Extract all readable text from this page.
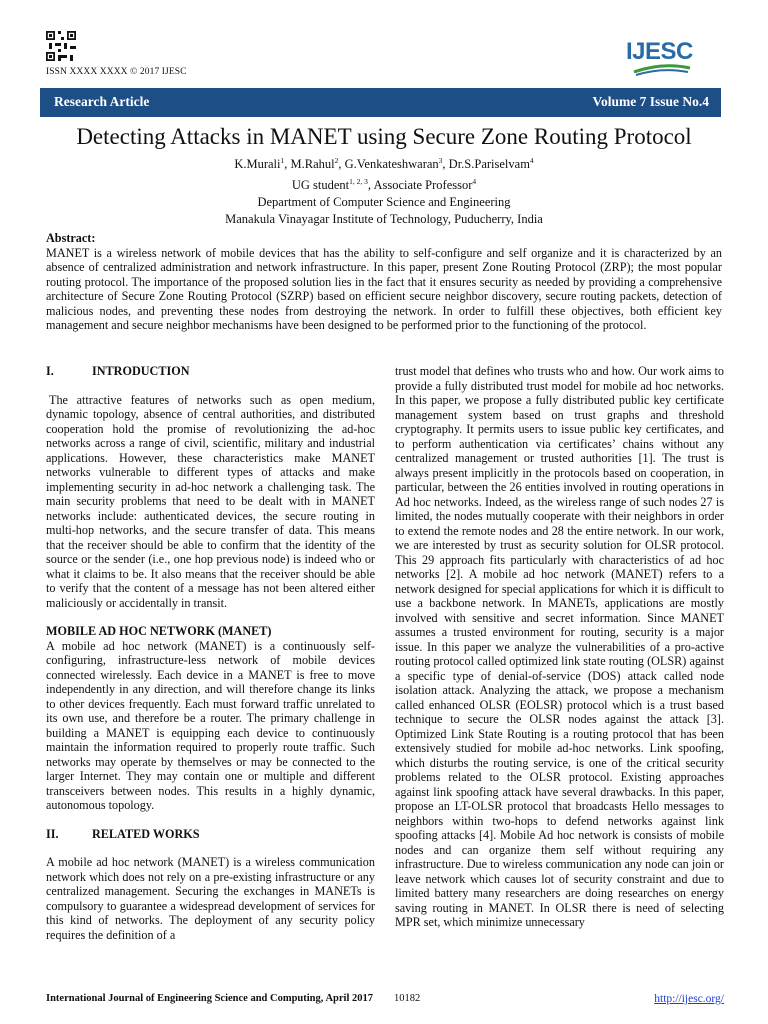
ISSN XXXX XXXX © 2017 IJESC
IJESC
Research Article	Volume 7 Issue No.4
Detecting Attacks in MANET using Secure Zone Routing Protocol
K.Murali$^1$, M.Rahul$^2$, G.Venkateshwaran$^3$, Dr.S.Pariselvam$^4$
UG student$^{1, 2, 3}$, Associate Professor$^4$
Department of Computer Science and Engineering
Manakula Vinayagar Institute of Technology, Puducherry, India
Abstract:
MANET is a wireless network of mobile devices that has the ability to self-configure and self organize and it is characterized by an absence of centralized administration and network infrastructure. In this paper, present Zone Routing Protocol (ZRP); the most popular routing protocol. The importance of the proposed solution lies in the fact that it ensures security as needed by providing a comprehensive architecture of Secure Zone Routing Protocol (SZRP) based on efficient secure neighbor discovery, secure routing packets, detection of malicious nodes, and preventing these nodes from destroying the network. In order to fulfill these objectives, both efficient key management and secure neighbor mechanisms have been designed to be performed prior to the functioning of the protocol.
I.	INTRODUCTION

The attractive features of networks such as open medium, dynamic topology, absence of central authorities, and distributed cooperation hold the promise of revolutionizing the ad-hoc networks across a range of civil, scientific, military and industrial applications. However, these characteristics make MANET networks vulnerable to different types of attacks and make implementing security in ad-hoc network a challenging task. The main security problems that need to be dealt with in MANET networks include: authenticated devices, the secure routing in multi-hop networks, and the secure transfer of data. This means that the receiver should be able to confirm that the identity of the source or the sender (i.e., one hop previous node) is indeed who or what it claims to be. It also means that the receiver should be able to verify that the content of a message has not been altered either maliciously or accidentally in transit.

MOBILE AD HOC NETWORK (MANET)

A mobile ad hoc network (MANET) is a continuously self-configuring, infrastructure-less network of mobile devices connected wirelessly. Each device in a MANET is free to move independently in any direction, and will therefore change its links to other devices frequently. Each must forward traffic unrelated to its own use, and therefore be a router. The primary challenge in building a MANET is equipping each device to continuously maintain the information required to properly route traffic. Such networks may operate by themselves or may be connected to the larger Internet. They may contain one or multiple and different transceivers between nodes. This results in a highly dynamic, autonomous topology.

II.	RELATED WORKS

A mobile ad hoc network (MANET) is a wireless communication network which does not rely on a pre-existing infrastructure or any centralized management. Securing the exchanges in MANETs is compulsory to guarantee a widespread development of services for this kind of networks. The deployment of any security policy requires the definition of a

trust model that defines who trusts who and how. Our work aims to provide a fully distributed trust model for mobile ad hoc networks. In this paper, we propose a fully distributed public key certificate management system based on trust graphs and threshold cryptography. It permits users to issue public key certificates, and to perform authentication via certificates’ chains without any centralized management or trusted authorities [1]. The trust is always present implicitly in the protocols based on cooperation, in particular, between the 26 entities involved in routing operations in Ad hoc networks. Indeed, as the wireless range of such nodes 27 is limited, the nodes mutually cooperate with their neighbors in order to extend the remote nodes and 28 the entire network. In our work, we are interested by trust as security solution for OLSR protocol. This 29 approach fits particularly with characteristics of ad hoc networks [2]. A mobile ad hoc network (MANET) refers to a network designed for special applications for which it is difficult to use a backbone network. In MANETs, applications are mostly involved with sensitive and secret information. Since MANET assumes a trusted environment for routing, security is a major issue. In this paper we analyze the vulnerabilities of a pro-active routing protocol called optimized link state routing (OLSR) against a specific type of denial-of-service (DOS) attack called node isolation attack. Analyzing the attack, we propose a mechanism called enhanced OLSR (EOLSR) protocol which is a trust based technique to secure the OLSR nodes against the attack [3]. Optimized Link State Routing is a routing protocol that has been extensively studied for mobile ad-hoc networks. Link spoofing, which disturbs the routing service, is one of the critical security problems related to the OLSR protocol. Existing approaches against link spoofing attack have several drawbacks. In this paper, propose an LT-OLSR protocol that broadcasts Hello messages to neighbors within two-hops to defend networks against link spoofing attacks [4]. Mobile Ad hoc network is consists of mobile nodes and can organize them self without requiring any infrastructure. Due to wireless communication any node can join or leave network which causes lot of security constraint and due to limited battery many researchers are doing researches on energy saving routing in MANET. In OLSR there is need of selecting MPR set, which minimize unnecessary

International Journal of Engineering Science and Computing, April 2017 10182	http://ijesc.org/
